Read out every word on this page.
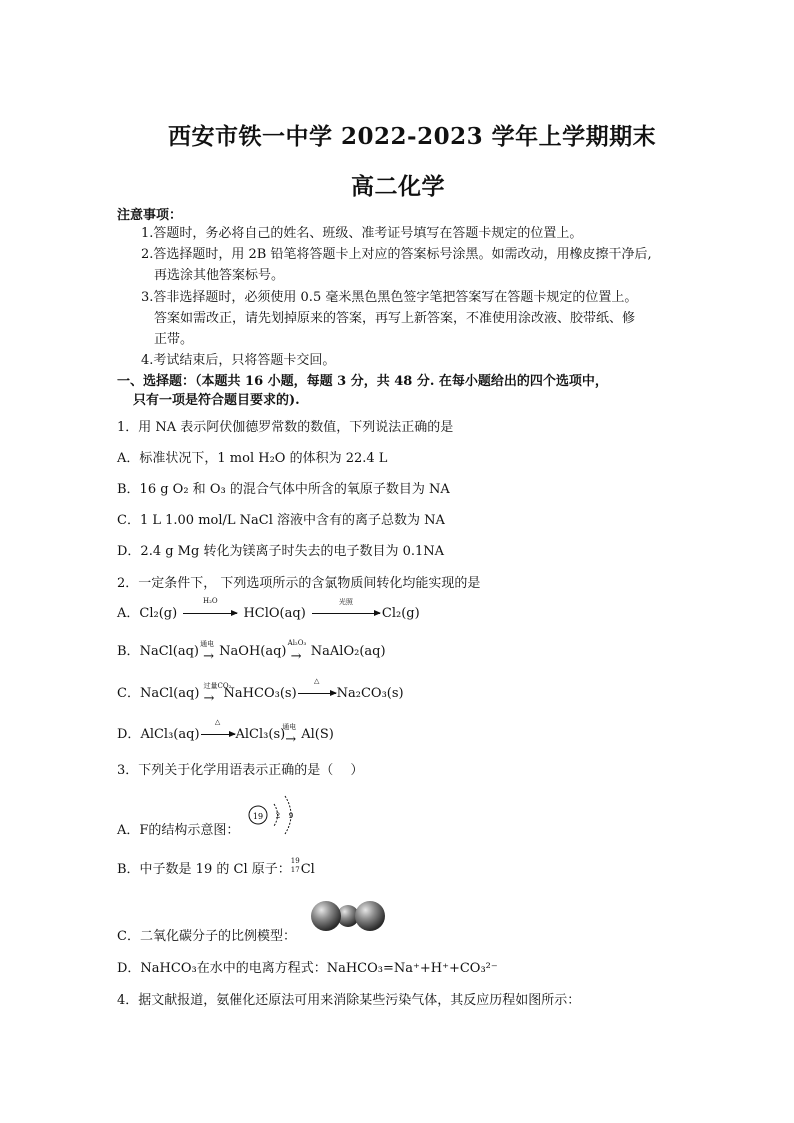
西安市铁一中学 2022-2023 学年上学期期末
高二化学
注意事项：
1.答题时，务必将自己的姓名、班级、准考证号填写在答题卡规定的位置上。
2.答选择题时，用 2B 铅笔将答题卡上对应的答案标号涂黑。如需改动，用橡皮擦干净后,
再选涂其他答案标号。
3.答非选择题时，必须使用 0.5 毫米黑色黑色签字笔把答案写在答题卡规定的位置上。
答案如需改正，请先划掉原来的答案，再写上新答案，不准使用涂改液、胶带纸、修
正带。
4.考试结束后，只将答题卡交回。
一、选择题：（本题共 16 小题，每题 3 分，共 48 分. 在每小题给出的四个选项中，
只有一项是符合题目要求的).
1．用 NA 表示阿伏伽德罗常数的数值，下列说法正确的是
A．标准状况下，1 mol H₂O 的体积为 22.4 L
B．16 g O₂ 和 O₃ 的混合气体中所含的氧原子数目为 NA
C．1 L 1.00 mol/L NaCl 溶液中含有的离子总数为 NA
D．2.4 g Mg 转化为镁离子时失去的电子数目为 0.1NA
2．一定条件下， 下列选项所示的含氯物质间转化均能实现的是
A．Cl₂(g)
H₂O
HClO(aq)
光照
Cl₂(g)
B．NaCl(aq)
通电
→ NaOH(aq)
Al₂O₃
→ NaAlO₂(aq)
C．NaCl(aq)
过量CO₂
→ NaHCO₃(s)
△
Na₂CO₃(s)
D．AlCl₃(aq)
△
AlCl₃(s)
通电
→ Al(S)
3．下列关于化学用语表示正确的是（　 ）
A．F的结构示意图：
19 2 9
B．中子数是 19 的 Cl 原子：
19
17 Cl
C．二氧化碳分子的比例模型：
D．NaHCO₃在水中的电离方程式：NaHCO₃=Na⁺+H⁺+CO₃²⁻
4．据文献报道，氨催化还原法可用来消除某些污染气体，其反应历程如图所示：
